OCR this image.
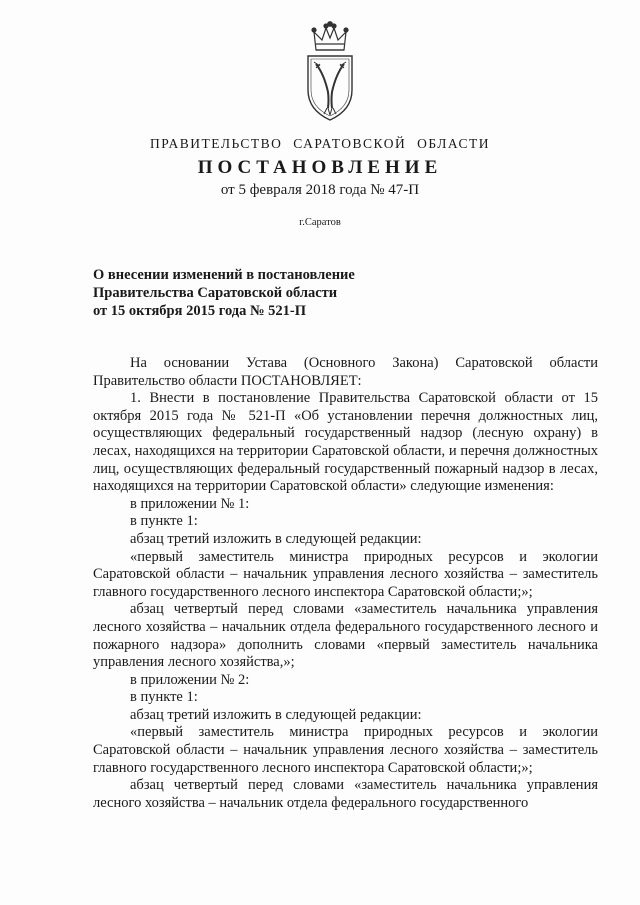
ПРАВИТЕЛЬСТВО САРАТОВСКОЙ ОБЛАСТИ
ПОСТАНОВЛЕНИЕ
от 5 февраля 2018 года № 47-П
г.Саратов
О внесении изменений в постановление
Правительства Саратовской области
от 15 октября 2015 года № 521-П

На основании Устава (Основного Закона) Саратовской области Правительство области ПОСТАНОВЛЯЕТ:

1. Внести в постановление Правительства Саратовской области от 15 октября 2015 года № 521-П «Об установлении перечня должностных лиц, осуществляющих федеральный государственный надзор (лесную охрану) в лесах, находящихся на территории Саратовской области, и перечня должностных лиц, осуществляющих федеральный государственный пожарный надзор в лесах, находящихся на территории Саратовской области» следующие изменения:

в приложении № 1:

в пункте 1:

абзац третий изложить в следующей редакции:

«первый заместитель министра природных ресурсов и экологии Саратовской области – начальник управления лесного хозяйства – заместитель главного государственного лесного инспектора Саратовской области;»;

абзац четвертый перед словами «заместитель начальника управления лесного хозяйства – начальник отдела федерального государственного лесного и пожарного надзора» дополнить словами «первый заместитель начальника управления лесного хозяйства,»;

в приложении № 2:

в пункте 1:

абзац третий изложить в следующей редакции:

«первый заместитель министра природных ресурсов и экологии Саратовской области – начальник управления лесного хозяйства – заместитель главного государственного лесного инспектора Саратовской области;»;

абзац четвертый перед словами «заместитель начальника управления лесного хозяйства – начальник отдела федерального государственного
